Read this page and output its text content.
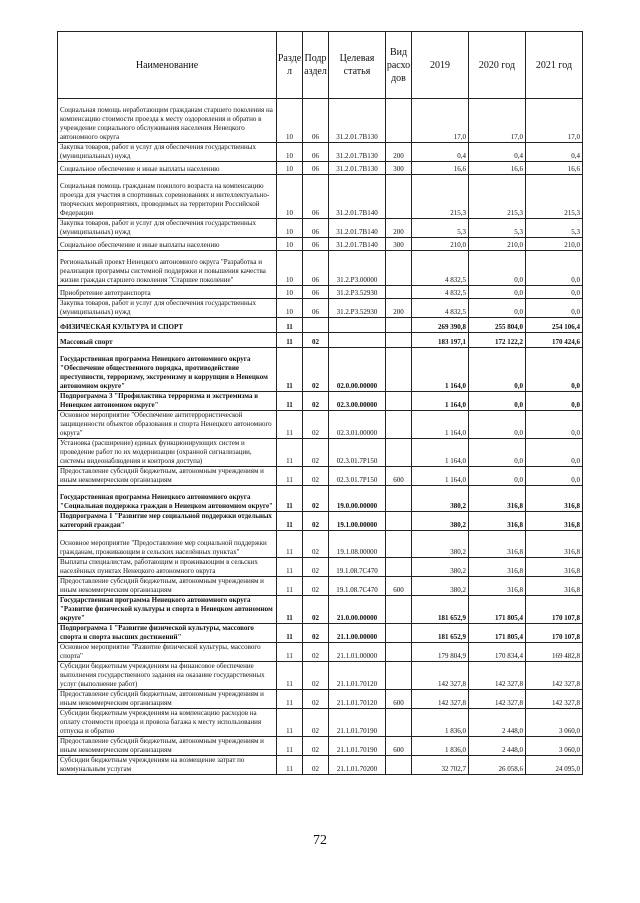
Наименование	Разде л	Подр аздел	Целевая статья	Вид расхо дов	2019	2020 год	2021 год
Социальная помощь неработающим гражданам старшего поколения на компенсацию стоимости проезда к месту оздоровления и обратно в учреждение социального обслуживания населения Ненецкого автономного округа	10	06	31.2.01.7В130		17,0	17,0	17,0
Закупка товаров, работ и услуг для обеспечения государственных (муниципальных) нужд	10	06	31.2.01.7В130	200	0,4	0,4	0,4
Социальное обеспечение и иные выплаты населению	10	06	31.2.01.7В130	300	16,6	16,6	16,6
Социальная помощь гражданам пожилого возраста на компенсацию проезда для участия в спортивных соревнованиях и интеллектуально-творческих мероприятиях, проводимых на территории Российской Федерации	10	06	31.2.01.7В140		215,3	215,3	215,3
Закупка товаров, работ и услуг для обеспечения государственных (муниципальных) нужд	10	06	31.2.01.7В140	200	5,3	5,3	5,3
Социальное обеспечение и иные выплаты населению	10	06	31.2.01.7В140	300	210,0	210,0	210,0
Региональный проект Ненецкого автономного округа "Разработка и реализация программы системной поддержки и повышения качества жизни граждан старшего поколения "Старшее поколение"	10	06	31.2.Р3.00000		4 832,5	0,0	0,0
Приобретение автотранспорта	10	06	31.2.Р3.52930		4 832,5	0,0	0,0
Закупка товаров, работ и услуг для обеспечения государственных (муниципальных) нужд	10	06	31.2.Р3.52930	200	4 832,5	0,0	0,0
ФИЗИЧЕСКАЯ КУЛЬТУРА И СПОРТ	11				269 390,8	255 804,0	254 106,4
Массовый спорт	11	02			183 197,1	172 122,2	170 424,6
Государственная программа Ненецкого автономного округа "Обеспечение общественного порядка, противодействие преступности, терроризму, экстремизму и коррупции в Ненецком автономном округе"	11	02	02.0.00.00000		1 164,0	0,0	0,0
Подпрограмма 3 "Профилактика терроризма и экстремизма в Ненецком автономном округе"	11	02	02.3.00.00000		1 164,0	0,0	0,0
Основное мероприятие "Обеспечение антитеррористической защищенности объектов образования и спорта Ненецкого автономного округа"	11	02	02.3.01.00000		1 164,0	0,0	0,0
Установка (расширение) единых функционирующих систем и проведение работ по их модернизации (охранной сигнализации, системы видеонаблюдения и контроля доступа)	11	02	02.3.01.7Р150		1 164,0	0,0	0,0
Предоставление субсидий бюджетным, автономным учреждениям и иным некоммерческим организациям	11	02	02.3.01.7Р150	600	1 164,0	0,0	0,0
Государственная программа Ненецкого автономного округа "Социальная поддержка граждан в Ненецком автономном округе"	11	02	19.0.00.00000		380,2	316,8	316,8
Подпрограмма 1 "Развитие мер социальной поддержки отдельных категорий граждан"	11	02	19.1.00.00000		380,2	316,8	316,8
Основное мероприятие "Предоставление мер социальной поддержки гражданам, проживающим в сельских населённых пунктах"	11	02	19.1.08.00000		380,2	316,8	316,8
Выплаты специалистам, работающим и проживающим в сельских населённых пунктах Ненецкого автономного округа	11	02	19.1.08.7С470		380,2	316,8	316,8
Предоставление субсидий бюджетным, автономным учреждениям и иным некоммерческим организациям	11	02	19.1.08.7С470	600	380,2	316,8	316,8
Государственная программа Ненецкого автономного округа "Развитие физической культуры и спорта в Ненецком автономном округе"	11	02	21.0.00.00000		181 652,9	171 805,4	170 107,8
Подпрограмма 1 "Развитие физической культуры, массового спорта и спорта высших достижений"	11	02	21.1.00.00000		181 652,9	171 805,4	170 107,8
Основное мероприятие "Развитие физической культуры, массового спорта"	11	02	21.1.01.00000		179 804,9	170 834,4	169 482,8
Субсидии бюджетным учреждениям на финансовое обеспечение выполнения государственного задания на оказание государственных услуг (выполнение работ)	11	02	21.1.01.70120		142 327,8	142 327,8	142 327,8
Предоставление субсидий бюджетным, автономным учреждениям и иным некоммерческим организациям	11	02	21.1.01.70120	600	142 327,8	142 327,8	142 327,8
Субсидии бюджетным учреждениям на компенсацию расходов на оплату стоимости проезда и провоза багажа к месту использования отпуска и обратно	11	02	21.1.01.70190		1 836,0	2 448,0	3 060,0
Предоставление субсидий бюджетным, автономным учреждениям и иным некоммерческим организациям	11	02	21.1.01.70190	600	1 836,0	2 448,0	3 060,0
Субсидии бюджетным учреждениям на возмещение затрат по коммунальным услугам	11	02	21.1.01.70200		32 702,7	26 058,6	24 095,0
72
